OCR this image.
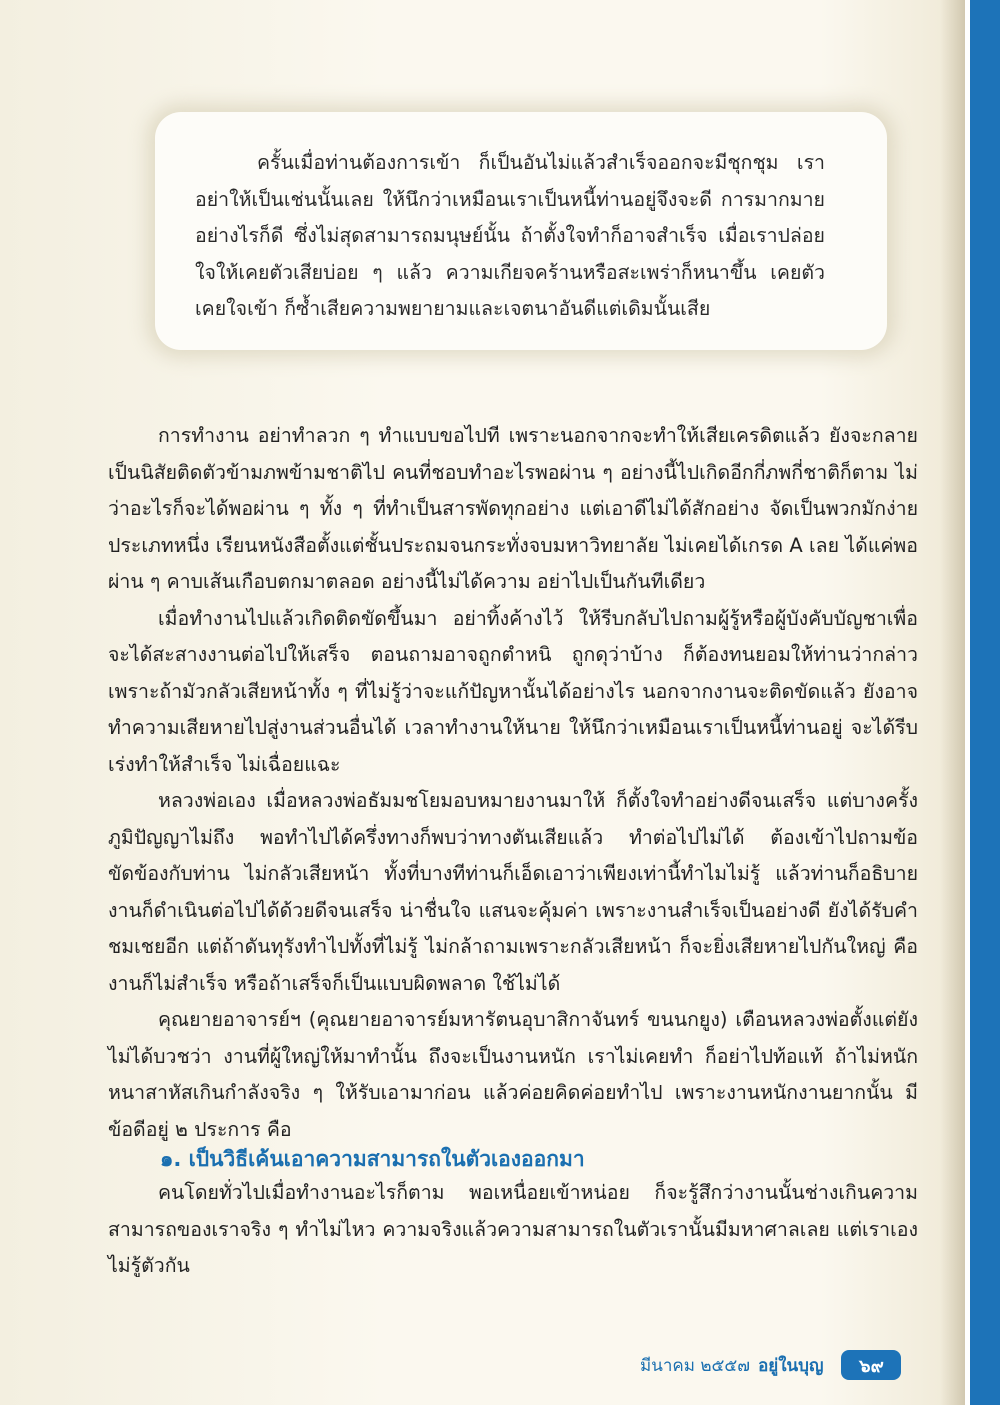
ครั้นเมื่อท่านต้องการเข้า ก็เป็นอันไม่แล้วสำเร็จออกจะมีชุกชุม เราอย่าให้เป็นเช่นนั้นเลย ให้นึกว่าเหมือนเราเป็นหนี้ท่านอยู่จึงจะดี การมากมายอย่างไรก็ดี ซึ่งไม่สุดสามารถมนุษย์นั้น ถ้าตั้งใจทำก็อาจสำเร็จ เมื่อเราปล่อยใจให้เคยตัวเสียบ่อย ๆ แล้ว ความเกียจคร้านหรือสะเพร่าก็หนาขึ้น เคยตัวเคยใจเข้า ก็ซ้ำเสียความพยายามและเจตนาอันดีแต่เดิมนั้นเสีย

การทำงาน อย่าทำลวก ๆ ทำแบบขอไปที เพราะนอกจากจะทำให้เสียเครดิตแล้ว ยังจะกลายเป็นนิสัยติดตัวข้ามภพข้ามชาติไป คนที่ชอบทำอะไรพอผ่าน ๆ อย่างนี้ไปเกิดอีกกี่ภพกี่ชาติก็ตาม ไม่ว่าอะไรก็จะได้พอผ่าน ๆ ทั้ง ๆ ที่ทำเป็นสารพัดทุกอย่าง แต่เอาดีไม่ได้สักอย่าง จัดเป็นพวกมักง่ายประเภทหนึ่ง เรียนหนังสือตั้งแต่ชั้นประถมจนกระทั่งจบมหาวิทยาลัย ไม่เคยได้เกรด A เลย ได้แค่พอผ่าน ๆ คาบเส้นเกือบตกมาตลอด อย่างนี้ไม่ได้ความ อย่าไปเป็นกันทีเดียว

เมื่อทำงานไปแล้วเกิดติดขัดขึ้นมา อย่าทิ้งค้างไว้ ให้รีบกลับไปถามผู้รู้หรือผู้บังคับบัญชาเพื่อจะได้สะสางงานต่อไปให้เสร็จ ตอนถามอาจถูกตำหนิ ถูกดุว่าบ้าง ก็ต้องทนยอมให้ท่านว่ากล่าว เพราะถ้ามัวกลัวเสียหน้าทั้ง ๆ ที่ไม่รู้ว่าจะแก้ปัญหานั้นได้อย่างไร นอกจากงานจะติดขัดแล้ว ยังอาจทำความเสียหายไปสู่งานส่วนอื่นได้ เวลาทำงานให้นาย ให้นึกว่าเหมือนเราเป็นหนี้ท่านอยู่ จะได้รีบเร่งทำให้สำเร็จ ไม่เฉื่อยแฉะ

หลวงพ่อเอง เมื่อหลวงพ่อธัมมชโยมอบหมายงานมาให้ ก็ตั้งใจทำอย่างดีจนเสร็จ แต่บางครั้งภูมิปัญญาไม่ถึง พอทำไปได้ครึ่งทางก็พบว่าทางตันเสียแล้ว ทำต่อไปไม่ได้ ต้องเข้าไปถามข้อขัดข้องกับท่าน ไม่กลัวเสียหน้า ทั้งที่บางทีท่านก็เอ็ดเอาว่าเพียงเท่านี้ทำไมไม่รู้ แล้วท่านก็อธิบาย งานก็ดำเนินต่อไปได้ด้วยดีจนเสร็จ น่าชื่นใจ แสนจะคุ้มค่า เพราะงานสำเร็จเป็นอย่างดี ยังได้รับคำชมเชยอีก แต่ถ้าดันทุรังทำไปทั้งที่ไม่รู้ ไม่กล้าถามเพราะกลัวเสียหน้า ก็จะยิ่งเสียหายไปกันใหญ่ คือ งานก็ไม่สำเร็จ หรือถ้าเสร็จก็เป็นแบบผิดพลาด ใช้ไม่ได้

คุณยายอาจารย์ฯ (คุณยายอาจารย์มหารัตนอุบาสิกาจันทร์ ขนนกยูง) เตือนหลวงพ่อตั้งแต่ยังไม่ได้บวชว่า งานที่ผู้ใหญ่ให้มาทำนั้น ถึงจะเป็นงานหนัก เราไม่เคยทำ ก็อย่าไปท้อแท้ ถ้าไม่หนักหนาสาหัสเกินกำลังจริง ๆ ให้รับเอามาก่อน แล้วค่อยคิดค่อยทำไป เพราะงานหนักงานยากนั้น มีข้อดีอยู่ ๒ ประการ คือ

๑. เป็นวิธีเค้นเอาความสามารถในตัวเองออกมา

คนโดยทั่วไปเมื่อทำงานอะไรก็ตาม พอเหนื่อยเข้าหน่อย ก็จะรู้สึกว่างานนั้นช่างเกินความสามารถของเราจริง ๆ ทำไม่ไหว ความจริงแล้วความสามารถในตัวเรานั้นมีมหาศาลเลย แต่เราเองไม่รู้ตัวกัน

มีนาคม ๒๕๕๗ อยู่ในบุญ	๖๙
